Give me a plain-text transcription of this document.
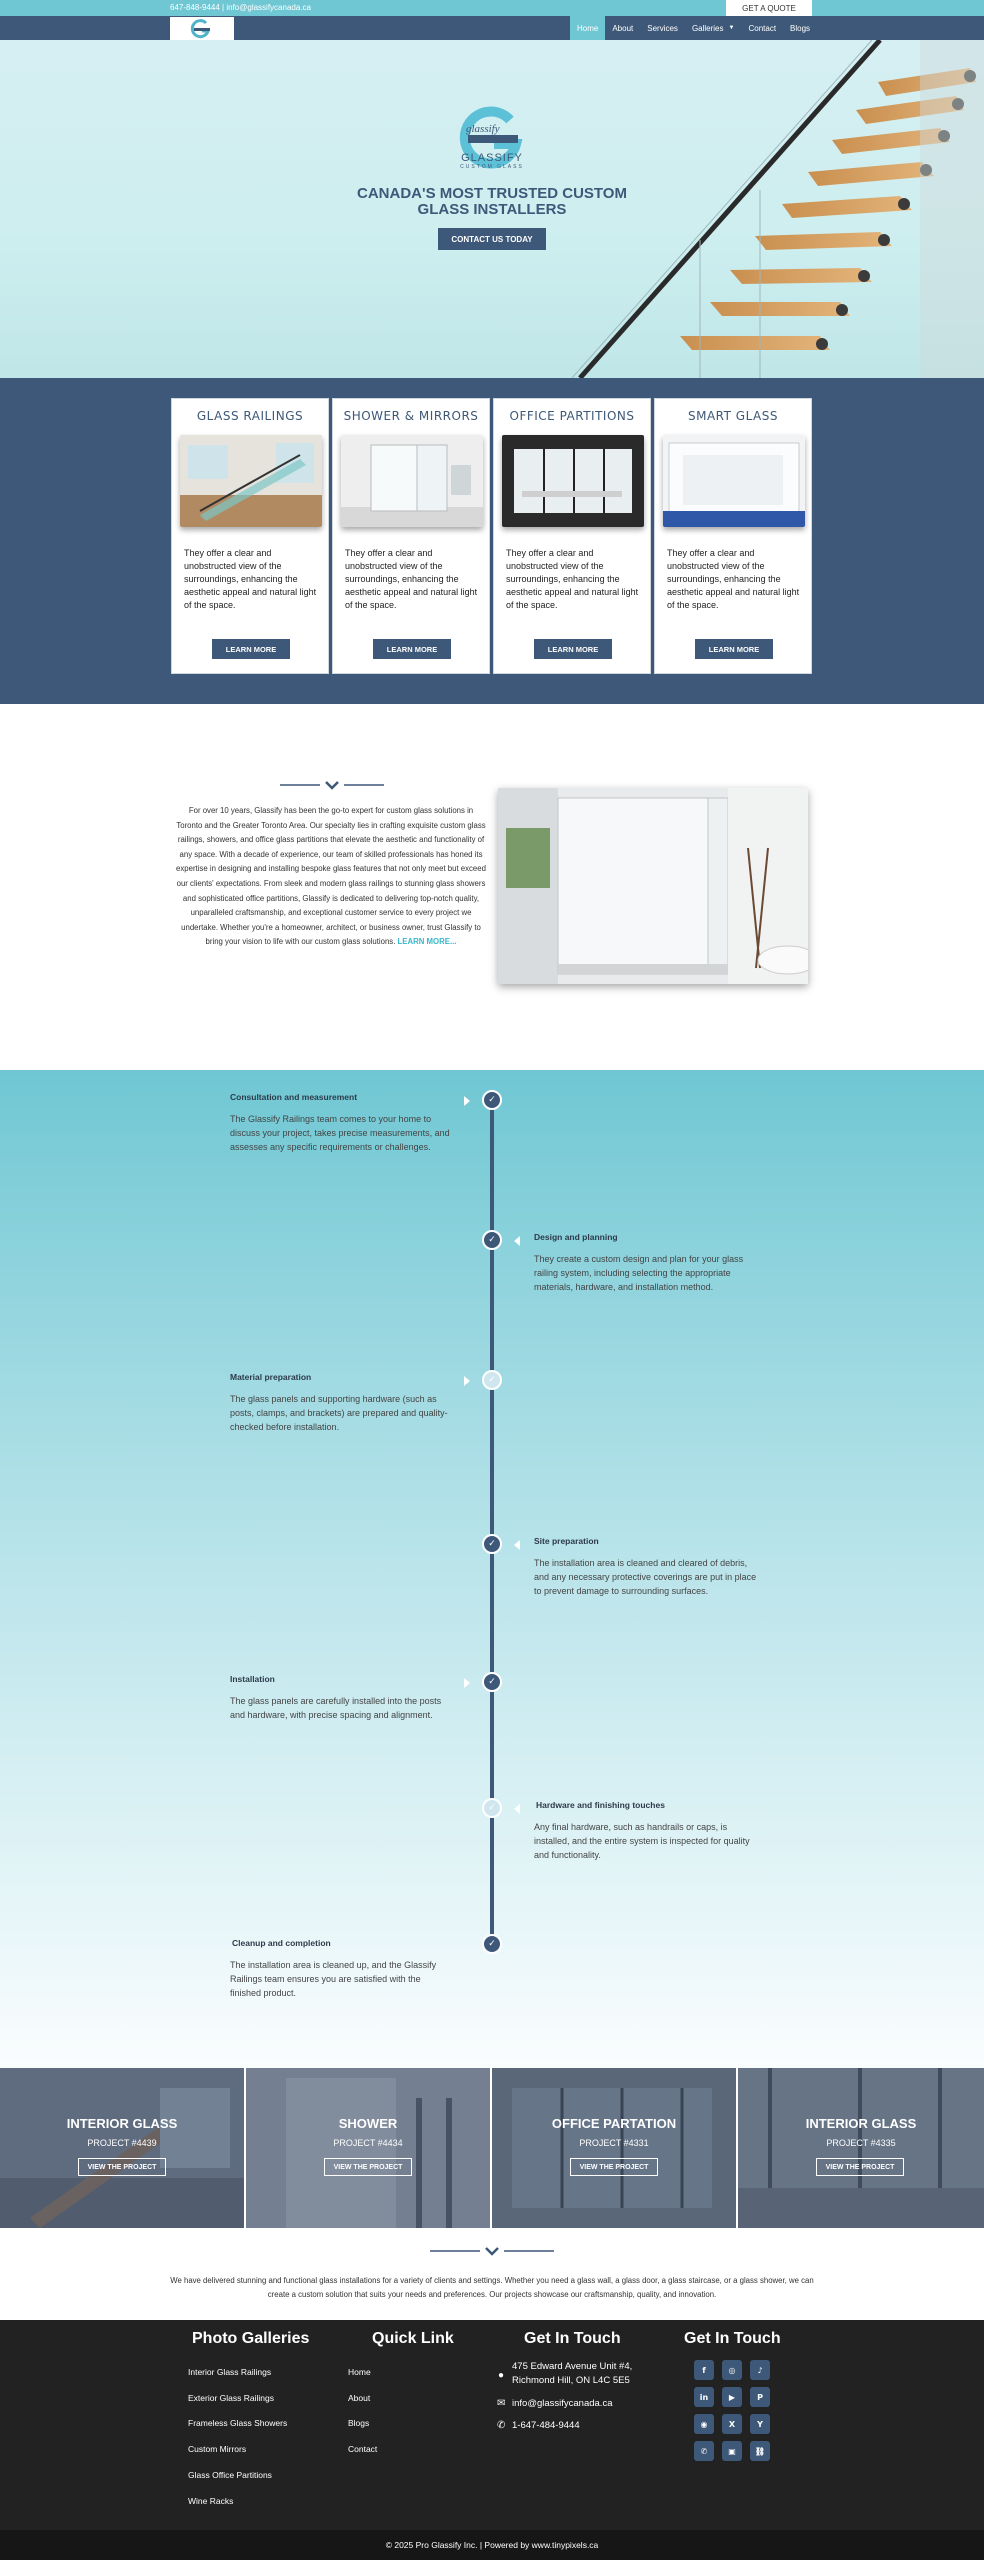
647-848-9444 | info@glassifycanada.ca	GET A QUOTE
Home	About	Services	Galleries ▼	Contact	Blogs
glassify
GLASSIFY
CUSTOM GLASS
CANADA'S MOST TRUSTED CUSTOM GLASS INSTALLERS
CONTACT US TODAY
GLASS RAILINGS

They offer a clear and unobstructed view of the surroundings, enhancing the aesthetic appeal and natural light of the space.

LEARN MORE
SHOWER & MIRRORS

They offer a clear and unobstructed view of the surroundings, enhancing the aesthetic appeal and natural light of the space.

LEARN MORE
OFFICE PARTITIONS

They offer a clear and unobstructed view of the surroundings, enhancing the aesthetic appeal and natural light of the space.

LEARN MORE
SMART GLASS

They offer a clear and unobstructed view of the surroundings, enhancing the aesthetic appeal and natural light of the space.

LEARN MORE

For over 10 years, Glassify has been the go-to expert for custom glass solutions in Toronto and the Greater Toronto Area. Our specialty lies in crafting exquisite custom glass railings, showers, and office glass partitions that elevate the aesthetic and functionality of any space. With a decade of experience, our team of skilled professionals has honed its expertise in designing and installing bespoke glass features that not only meet but exceed our clients' expectations. From sleek and modern glass railings to stunning glass showers and sophisticated office partitions, Glassify is dedicated to delivering top-notch quality, unparalleled craftsmanship, and exceptional customer service to every project we undertake. Whether you're a homeowner, architect, or business owner, trust Glassify to bring your vision to life with our custom glass solutions. LEARN MORE...

Consultation and measurement

The Glassify Railings team comes to your home to discuss your project, takes precise measurements, and assesses any specific requirements or challenges.

✓
✓	Design and planning

They create a custom design and plan for your glass railing system, including selecting the appropriate materials, hardware, and installation method.

Material preparation

The glass panels and supporting hardware (such as posts, clamps, and brackets) are prepared and quality-checked before installation.

✓
✓	Site preparation

The installation area is cleaned and cleared of debris, and any necessary protective coverings are put in place to prevent damage to surrounding surfaces.

Installation

The glass panels are carefully installed into the posts and hardware, with precise spacing and alignment.

✓
✓	Hardware and finishing touches

Any final hardware, such as handrails or caps, is installed, and the entire system is inspected for quality and functionality.

Cleanup and completion

The installation area is cleaned up, and the Glassify Railings team ensures you are satisfied with the finished product.

✓
INTERIOR GLASS
PROJECT #4439
VIEW THE PROJECT
SHOWER
PROJECT #4434
VIEW THE PROJECT
OFFICE PARTATION
PROJECT #4331
VIEW THE PROJECT
INTERIOR GLASS
PROJECT #4335
VIEW THE PROJECT

We have delivered stunning and functional glass installations for a variety of clients and settings. Whether you need a glass wall, a glass door, a glass staircase, or a glass shower, we can create a custom solution that suits your needs and preferences. Our projects showcase our craftsmanship, quality, and innovation.

Photo Galleries
Interior Glass Railings
Exterior Glass Railings
Frameless Glass Showers
Custom Mirrors
Glass Office Partitions
Wine Racks
Quick Link
Home
About
Blogs
Contact
Get In Touch
●
475 Edward Avenue Unit #4, Richmond Hill, ON L4C 5E5
✉ info@glassifycanada.ca
✆ 1-647-484-9444
Get In Touch
f	◎	♪
in	▶	P
◉	X	Y
✆	▣	⛓
© 2025 Pro Glassify Inc. | Powered by www.tinypixels.ca
